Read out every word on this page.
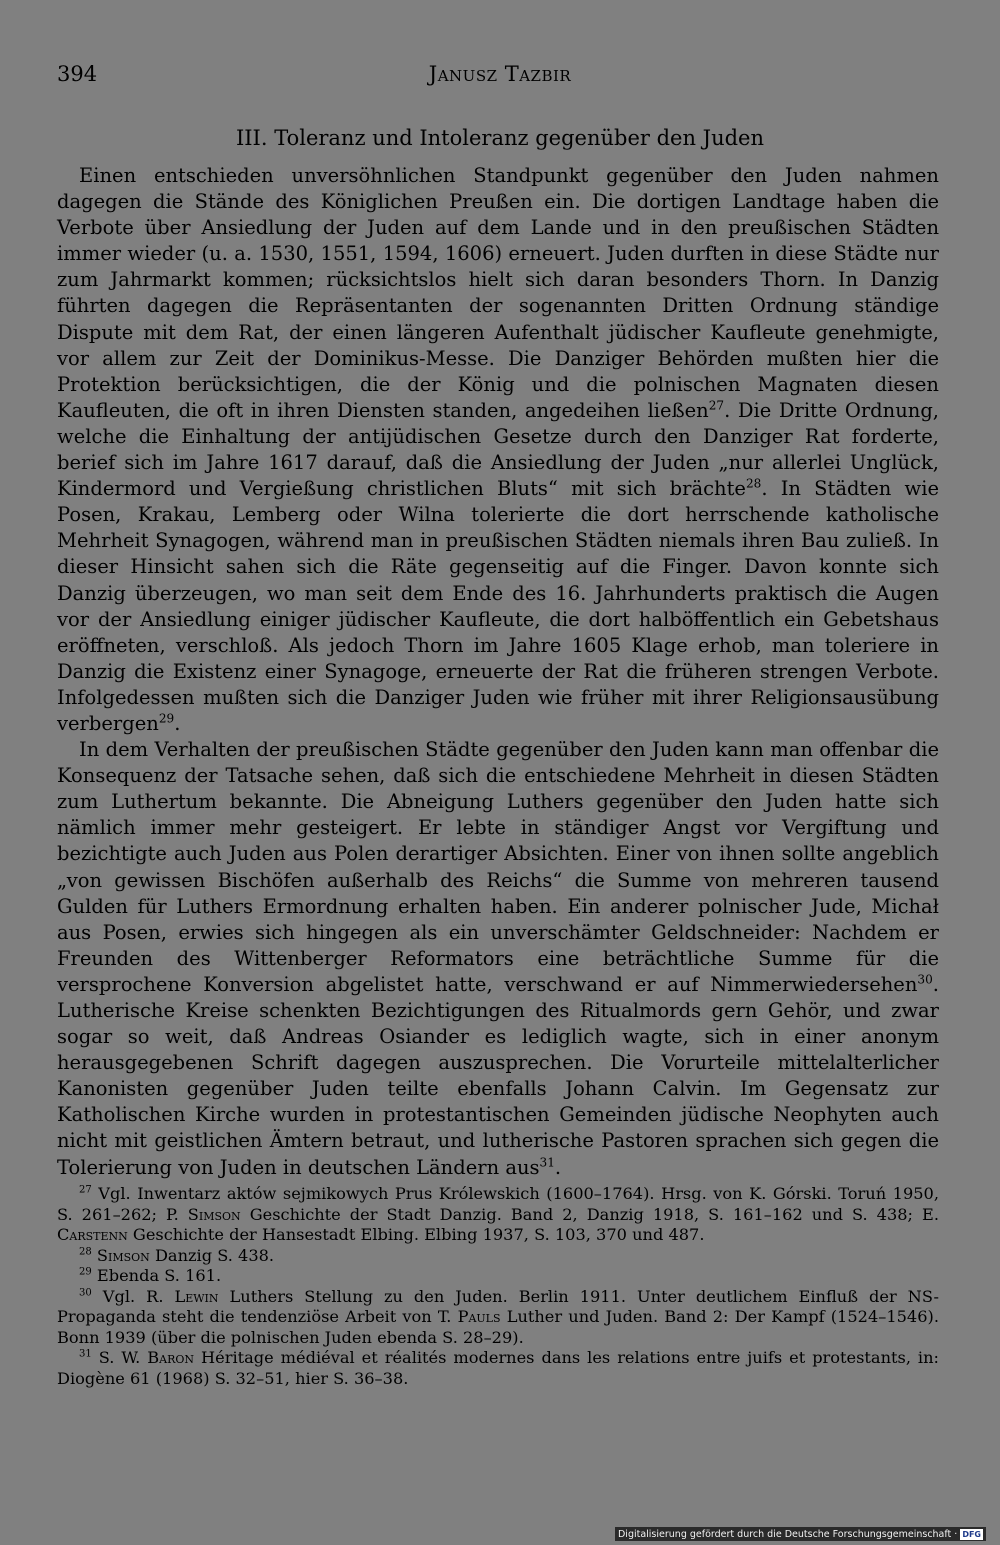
394	Janusz Tazbir
III. Toleranz und Intoleranz gegenüber den Juden

Einen entschieden unversöhnlichen Standpunkt gegenüber den Juden nahmen dagegen die Stände des Königlichen Preußen ein. Die dortigen Landtage haben die Verbote über Ansiedlung der Juden auf dem Lande und in den preußischen Städten immer wieder (u. a. 1530, 1551, 1594, 1606) erneuert. Juden durften in diese Städte nur zum Jahrmarkt kommen; rücksichtslos hielt sich daran besonders Thorn. In Danzig führten dagegen die Repräsentanten der sogenannten Dritten Ordnung ständige Dispute mit dem Rat, der einen längeren Aufenthalt jüdischer Kaufleute genehmigte, vor allem zur Zeit der Dominikus-Messe. Die Danziger Behörden mußten hier die Protektion berücksichtigen, die der König und die polnischen Magnaten diesen Kaufleuten, die oft in ihren Diensten standen, angedeihen ließen$^{27}$. Die Dritte Ordnung, welche die Einhaltung der antijüdischen Gesetze durch den Danziger Rat forderte, berief sich im Jahre 1617 darauf, daß die Ansiedlung der Juden „nur allerlei Unglück, Kindermord und Vergießung christlichen Bluts“ mit sich brächte$^{28}$. In Städten wie Posen, Krakau, Lemberg oder Wilna tolerierte die dort herrschende katholische Mehrheit Synagogen, während man in preußischen Städten niemals ihren Bau zuließ. In dieser Hinsicht sahen sich die Räte gegenseitig auf die Finger. Davon konnte sich Danzig überzeugen, wo man seit dem Ende des 16. Jahrhunderts praktisch die Augen vor der Ansiedlung einiger jüdischer Kaufleute, die dort halböffentlich ein Gebetshaus eröffneten, verschloß. Als jedoch Thorn im Jahre 1605 Klage erhob, man toleriere in Danzig die Existenz einer Synagoge, erneuerte der Rat die früheren strengen Verbote. Infolgedessen mußten sich die Danziger Juden wie früher mit ihrer Religionsausübung verbergen$^{29}$.

In dem Verhalten der preußischen Städte gegenüber den Juden kann man offenbar die Konsequenz der Tatsache sehen, daß sich die entschiedene Mehrheit in diesen Städten zum Luthertum bekannte. Die Abneigung Luthers gegenüber den Juden hatte sich nämlich immer mehr gesteigert. Er lebte in ständiger Angst vor Vergiftung und bezichtigte auch Juden aus Polen derartiger Absichten. Einer von ihnen sollte angeblich „von gewissen Bischöfen außerhalb des Reichs“ die Summe von mehreren tausend Gulden für Luthers Ermordnung erhalten haben. Ein anderer polnischer Jude, Michał aus Posen, erwies sich hingegen als ein unverschämter Geldschneider: Nachdem er Freunden des Wittenberger Reformators eine beträchtliche Summe für die versprochene Konversion abgelistet hatte, verschwand er auf Nimmerwiedersehen$^{30}$. Lutherische Kreise schenkten Bezichtigungen des Ritualmords gern Gehör, und zwar sogar so weit, daß Andreas Osiander es lediglich wagte, sich in einer anonym herausgegebenen Schrift dagegen auszusprechen. Die Vorurteile mittelalterlicher Kanonisten gegenüber Juden teilte ebenfalls Johann Calvin. Im Gegensatz zur Katholischen Kirche wurden in protestantischen Gemeinden jüdische Neophyten auch nicht mit geistlichen Ämtern betraut, und lutherische Pastoren sprachen sich gegen die Tolerierung von Juden in deutschen Ländern aus$^{31}$.

$^{27}$ Vgl. Inwentarz aktów sejmikowych Prus Królewskich (1600–1764). Hrsg. von K. Górski. Toruń 1950, S. 261–262; P. Simson Geschichte der Stadt Danzig. Band 2, Danzig 1918, S. 161–162 und S. 438; E. Carstenn Geschichte der Hansestadt Elbing. Elbing 1937, S. 103, 370 und 487.

$^{28}$ Simson Danzig S. 438.

$^{29}$ Ebenda S. 161.

$^{30}$ Vgl. R. Lewin Luthers Stellung zu den Juden. Berlin 1911. Unter deutlichem Einfluß der NS-Propaganda steht die tendenziöse Arbeit von T. Pauls Luther und Juden. Band 2: Der Kampf (1524–1546). Bonn 1939 (über die polnischen Juden ebenda S. 28–29).

$^{31}$ S. W. Baron Héritage médiéval et réalités modernes dans les relations entre juifs et protestants, in: Diogène 61 (1968) S. 32–51, hier S. 36–38.

Digitalisierung gefördert durch die Deutsche Forschungsgemeinschaft · DFG
